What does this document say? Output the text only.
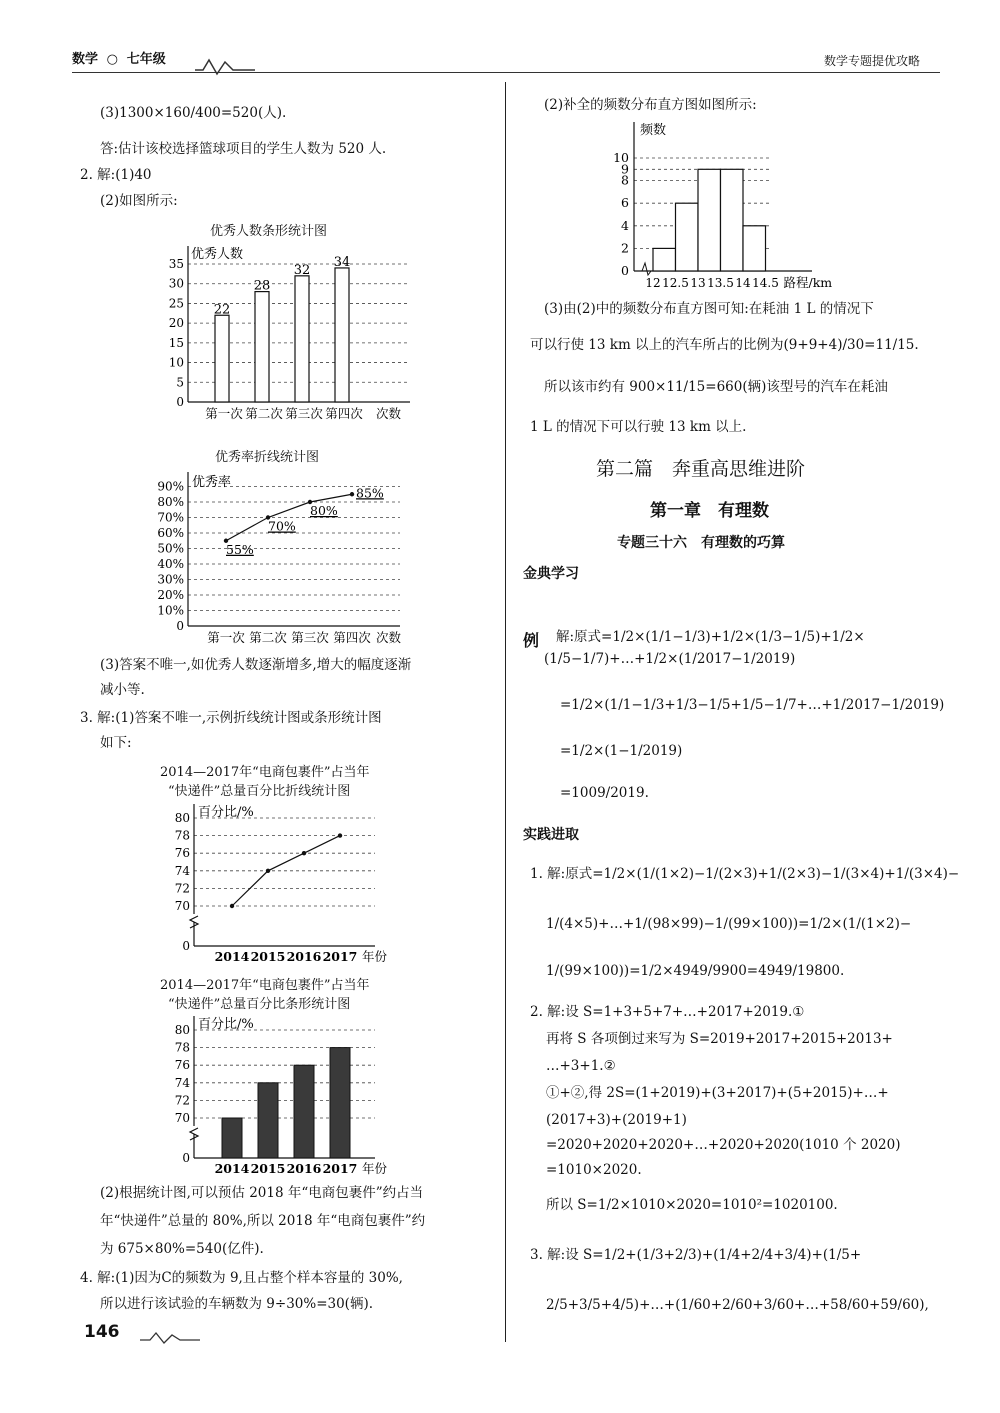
数学  ○  七年级	数学专题提优攻略
(3)1300×160/400=520(人).
答:估计该校选择篮球项目的学生人数为 520 人.
2. 解:(1)40
(2)如图所示:
优秀人数条形统计图
0
5
10
15
20
25
30
35
优秀人数
22
第一次
28
第二次
32
第三次
34
第四次 次数
优秀率折线统计图
0
10%
20%
30%
40%
50%
60%
70%
80%
90% 优秀率
55%
第一次
70%
第二次
80%
第三次
85%
第四次 次数
(3)答案不唯一,如优秀人数逐渐增多,增大的幅度逐渐
减小等.
3. 解:(1)答案不唯一,示例折线统计图或条形统计图
如下:
2014—2017年“电商包裹件”占当年
“快递件”总量百分比折线统计图
0
70
72
74
76
78
80 百分比/%
2014 2015 2016 2017 年份
2014—2017年“电商包裹件”占当年
“快递件”总量百分比条形统计图
0
70
72
74
76
78
80 百分比/%
2014 2015 2016 2017 年份
(2)根据统计图,可以预估 2018 年“电商包裹件”约占当
年“快递件”总量的 80%,所以 2018 年“电商包裹件”约
为 675×80%=540(亿件).
4. 解:(1)因为C的频数为 9,且占整个样本容量的 30%,
所以进行该试验的车辆数为 9÷30%=30(辆).
(2)补全的频数分布直方图如图所示:
0
2
4
6
8
9
10
频数
12 12.5 13 13.5 14 14.5 路程/km
(3)由(2)中的频数分布直方图可知:在耗油 1 L 的情况下
可以行使 13 km 以上的汽车所占的比例为(9+9+4)/30=11/15.
所以该市约有 900×11/15=660(辆)该型号的汽车在耗油
1 L 的情况下可以行驶 13 km 以上.
第二篇　奔重高思维进阶
第一章　有理数
专题三十六　有理数的巧算
金典学习
例 解:原式=1/2×(1/1−1/3)+1/2×(1/3−1/5)+1/2×
(1/5−1/7)+…+1/2×(1/2017−1/2019)
=1/2×(1/1−1/3+1/3−1/5+1/5−1/7+…+1/2017−1/2019)
=1/2×(1−1/2019)
=1009/2019.
实践进取
1. 解:原式=1/2×(1/(1×2)−1/(2×3)+1/(2×3)−1/(3×4)+1/(3×4)−
1/(4×5)+…+1/(98×99)−1/(99×100))=1/2×(1/(1×2)−
1/(99×100))=1/2×4949/9900=4949/19800.
2. 解:设 S=1+3+5+7+…+2017+2019.①
再将 S 各项倒过来写为 S=2019+2017+2015+2013+
…+3+1.②
①+②,得 2S=(1+2019)+(3+2017)+(5+2015)+…+
(2017+3)+(2019+1)
=2020+2020+2020+…+2020+2020(1010 个 2020)
=1010×2020.
所以 S=1/2×1010×2020=1010²=1020100.
3. 解:设 S=1/2+(1/3+2/3)+(1/4+2/4+3/4)+(1/5+
2/5+3/5+4/5)+…+(1/60+2/60+3/60+…+58/60+59/60),
146
